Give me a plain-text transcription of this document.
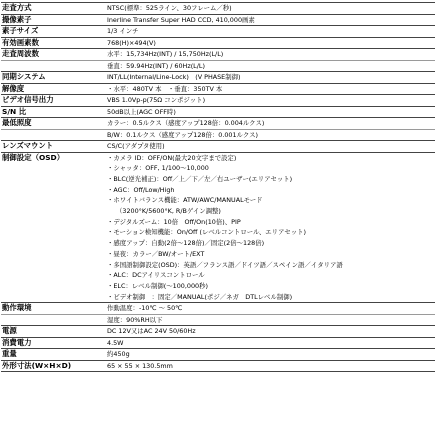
走査方式	NTSC(標準：525ライン、30フレーム／秒)
撮像素子	Inerline Transfer Super HAD CCD, 410,000画素
素子サイズ	1/3 インチ
有効画素数	768(H)×494(V)
走査周波数	水平：15,734Hz(INT) / 15,750Hz(L/L)
垂直：59.94Hz(INT) / 60Hz(L/L)
同期システム	INT/LL(Internal/Line-Lock)　(V PHASE制御)
解像度	・水平：480TV 本　・垂直：350TV 本
ビデオ信号出力	VBS 1.0Vp-p(75Ω コンポジット)
S/N 比	50dB以上(AGC OFF時)
最低照度	カラー：0.5ルクス（感度アップ128倍：0.004ルクス)
B/W：0.1ルクス（感度アップ128倍：0.001ルクス)
レンズマウント	CS/C(アダプタ使用)
制御設定（OSD）	・カメラ ID：OFF/ON(最大20文字まで設定)
・シャッタ：OFF, 1/100～10,000
・BLC(逆光補正)：Off／上／下／左／右ユーザー(エリアセット)
・AGC：Off/Low/High
・ホワイトバランス機能：ATW/AWC/MANUALモード
（3200°K/5600°K, R/Bゲイン調整)
・デジタルズーム：10倍　Off/On(10倍)、PIP
・モーション検知機能：On/Off (レベルコントロール、エリアセット)
・感度アップ：自動(2倍～128倍)／固定(2倍～128倍)
・昼夜：カラー／BW/オート/EXT
・多国語制御設定(OSD)：英語／フランス語／ドイツ語／スペイン語／イタリア語
・ALC：DCアイリスコントロール
・ELC：レベル制御(～100,000秒)
・ビデオ制御　：固定／MANUAL(ポジ／ネガ　DTLレベル制御)
動作環境	作動温度：-10℃ ～ 50℃
湿度：90%RH以下
電源	DC 12V又はAC 24V 50/60Hz
消費電力	4.5W
重量	約450g
外形寸法(W×H×D)	65 × 55 × 130.5mm
